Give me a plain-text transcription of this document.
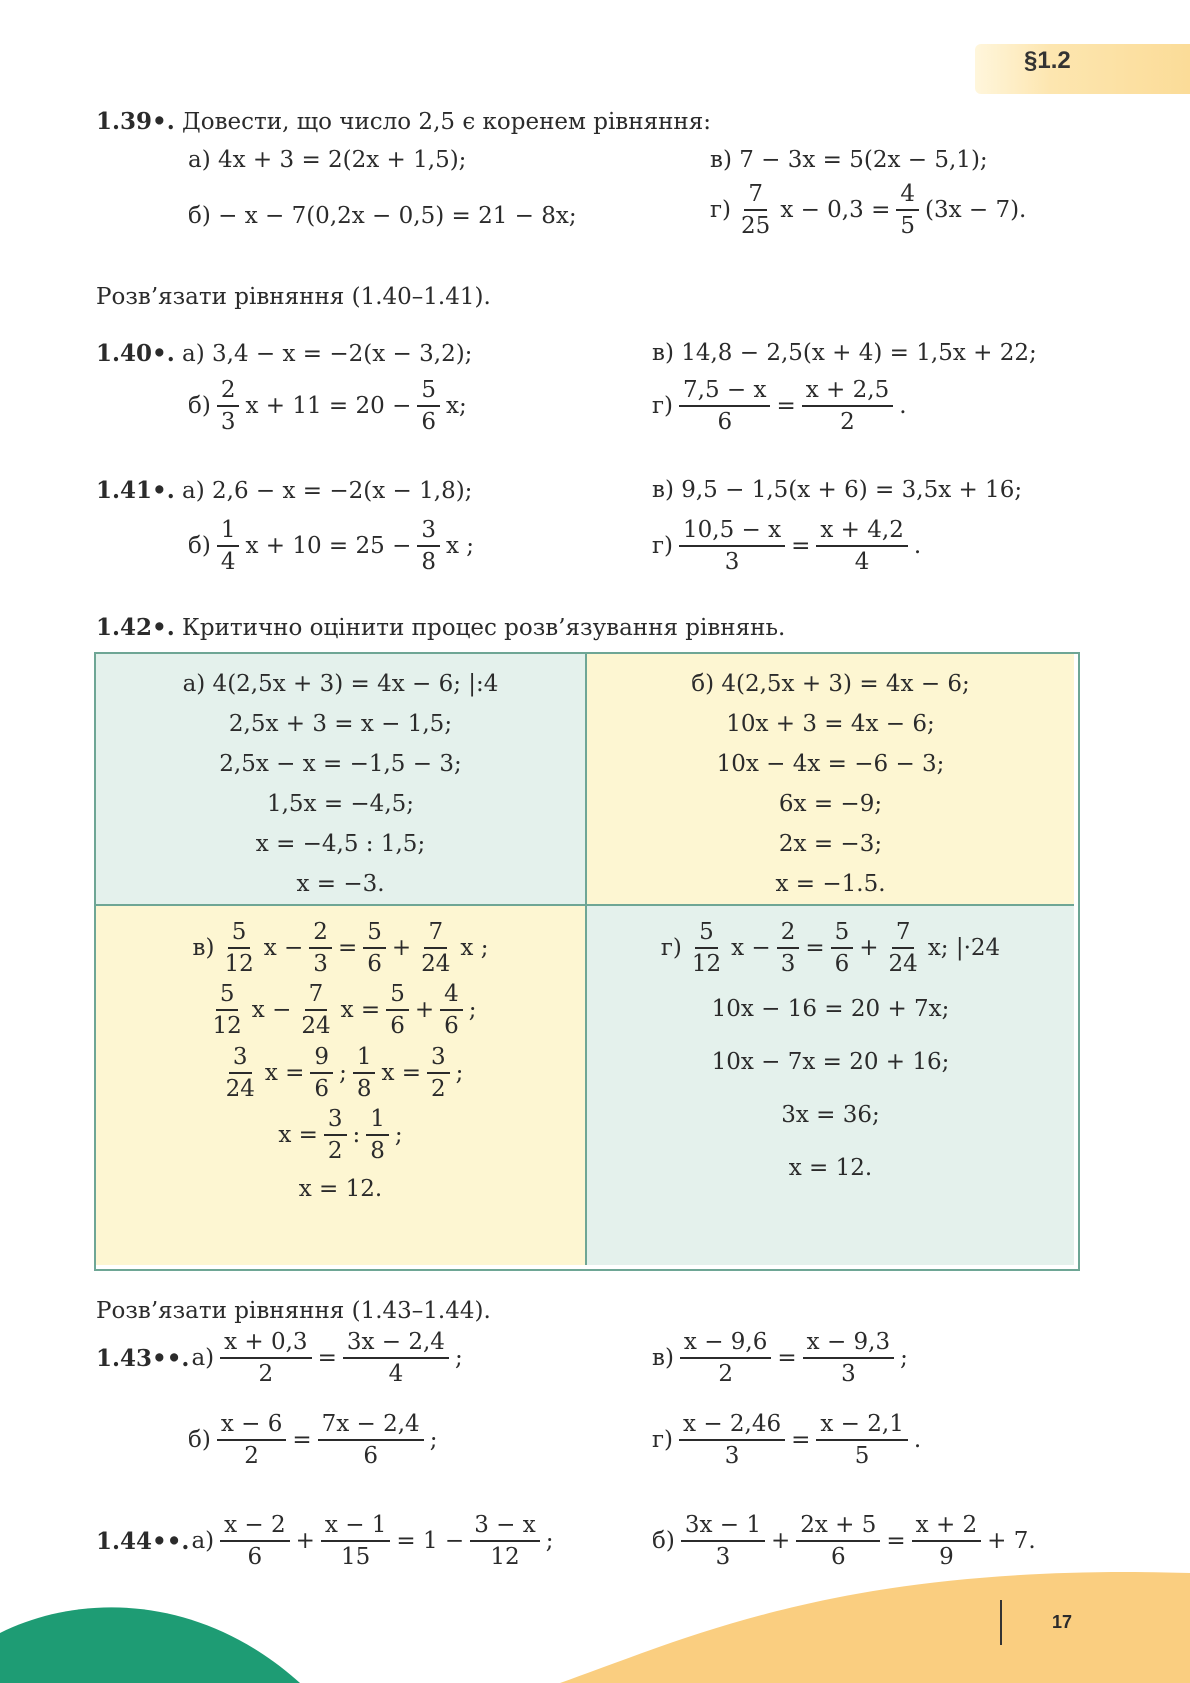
§1.2
1.39•. Довести, що число 2,5 є коренем рівняння:
а) 4x + 3 = 2(2x + 1,5);	в) 7 − 3x = 5(2x − 5,1);
б) − x − 7(0,2x − 0,5) = 21 − 8x;	$г) \frac{7}{25}$ $x - 0,3 = \frac{4}{5} (3x - 7)$.
Розв’язати рівняння (1.40–1.41).
1.40•. а) 3,4 − x = −2(x − 3,2);	в) 14,8 − 2,5(x + 4) = 1,5x + 22;
$б) \frac{2}{3}$ $x + 11 = 20 - \frac{5}{6} x$;	$г) \frac{7,5 - x}{6} = \frac{x + 2,5}{2}$ .
1.41•. а) 2,6 − x = −2(x − 1,8);	в) 9,5 − 1,5(x + 6) = 3,5x + 16;
$б) \frac{1}{4}$ $x + 10 = 25 - \frac{3}{8}$ x ;	$г) \frac{10,5 - x}{3} = \frac{x + 4,2}{4}$ .
1.42•. Критично оцінити процес розв’язування рівнянь.
а) 4(2,5x + 3) = 4x − 6; |:4
2,5x + 3 = x − 1,5;
2,5x − x = −1,5 − 3;
1,5x = −4,5;
x = −4,5 : 1,5;
x = −3.
б) 4(2,5x + 3) = 4x − 6;
10x + 3 = 4x − 6;
10x − 4x = −6 − 3;
6x = −9;
2x = −3;
x = −1.5.
$в) \frac{5}{12}$ $x - \frac{2}{3} = \frac{5}{6} + \frac{7}{24}$ x ;
$\frac{5}{12}$ $x - \frac{7}{24}$ $x = \frac{5}{6} + \frac{4}{6}$ ;
$\frac{3}{24}$ $x = \frac{9}{6}$ ; $\frac{1}{8}$ $x = \frac{3}{2}$ ;
$x = \frac{3}{2}$ : $\frac{1}{8}$ ;
x = 12.
$г) \frac{5}{12}$ $x - \frac{2}{3} = \frac{5}{6} + \frac{7}{24} x$; |·24
10x − 16 = 20 + 7x;
10x − 7x = 20 + 16;
3x = 36;
x = 12.
Розв’язати рівняння (1.43–1.44).
1.43••. $а) \frac{x + 0,3}{2} = \frac{3x - 2,4}{4}$ ;	$в) \frac{x - 9,6}{2} = \frac{x - 9,3}{3}$ ;
$б) \frac{x - 6}{2} = \frac{7x - 2,4}{6}$ ;	$г) \frac{x - 2,46}{3} = \frac{x - 2,1}{5}$ .
1.44••. $а) \frac{x - 2}{6} + \frac{x - 1}{15} = 1 - \frac{3 - x}{12}$ ;	$б) \frac{3x - 1}{3} + \frac{2x + 5}{6} = \frac{x + 2}{9} + 7$.
17
